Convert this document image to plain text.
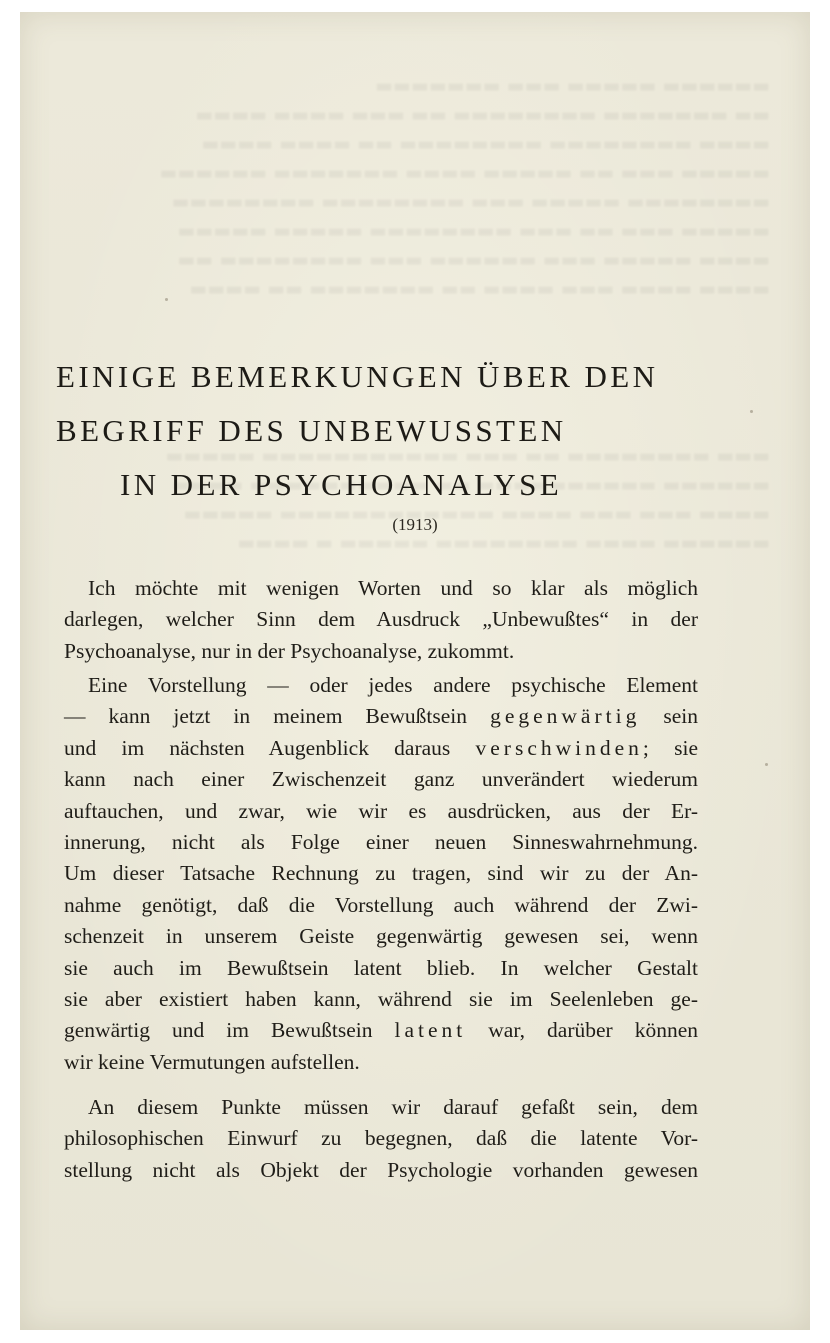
EINIGE BEMERKUNGEN ÜBER DEN
BEGRIFF DES UNBEWUSSTEN
IN DER PSYCHOANALYSE

(1913)

Ich möchte mit wenigen Worten und so klar als möglich
darlegen, welcher Sinn dem Ausdruck „Unbewußtes“ in der
Psychoanalyse, nur in der Psychoanalyse, zukommt.

Eine Vorstellung — oder jedes andere psychische Element
— kann jetzt in meinem Bewußtsein gegenwärtig sein
und im nächsten Augenblick daraus verschwinden; sie
kann nach einer Zwischenzeit ganz unverändert wiederum
auftauchen, und zwar, wie wir es ausdrücken, aus der Er-
innerung, nicht als Folge einer neuen Sinneswahrnehmung.
Um dieser Tatsache Rechnung zu tragen, sind wir zu der An-
nahme genötigt, daß die Vorstellung auch während der Zwi-
schenzeit in unserem Geiste gegenwärtig gewesen sei, wenn
sie auch im Bewußtsein latent blieb. In welcher Gestalt
sie aber existiert haben kann, während sie im Seelenleben ge-
genwärtig und im Bewußtsein latent war, darüber können
wir keine Vermutungen aufstellen.

An diesem Punkte müssen wir darauf gefaßt sein, dem
philosophischen Einwurf zu begegnen, daß die latente Vor-
stellung nicht als Objekt der Psychologie vorhanden gewesen
